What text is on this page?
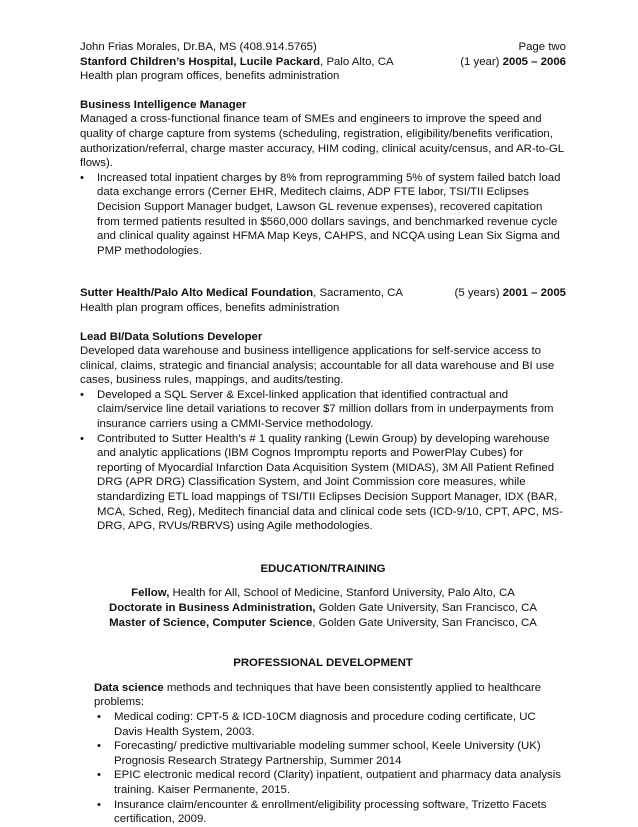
John Frias Morales, Dr.BA, MS (408.914.5765)	Page two
Stanford Children’s Hospital, Lucile Packard, Palo Alto, CA	(1 year) 2005 – 2006
Health plan program offices, benefits administration
Business Intelligence Manager
Managed a cross-functional finance team of SMEs and engineers to improve the speed and quality of charge capture from systems (scheduling, registration, eligibility/benefits verification, authorization/referral, charge master accuracy, HIM coding, clinical acuity/census, and AR-to-GL flows).
• Increased total inpatient charges by 8% from reprogramming 5% of system failed batch load data exchange errors (Cerner EHR, Meditech claims, ADP FTE labor, TSI/TII Eclipses Decision Support Manager budget, Lawson GL revenue expenses), recovered capitation from termed patients resulted in $560,000 dollars savings, and benchmarked revenue cycle and clinical quality against HFMA Map Keys, CAHPS, and NCQA using Lean Six Sigma and PMP methodologies.
Sutter Health/Palo Alto Medical Foundation, Sacramento, CA	(5 years) 2001 – 2005
Health plan program offices, benefits administration
Lead BI/Data Solutions Developer
Developed data warehouse and business intelligence applications for self-service access to clinical, claims, strategic and financial analysis; accountable for all data warehouse and BI use cases, business rules, mappings, and audits/testing.
• Developed a SQL Server & Excel-linked application that identified contractual and claim/service line detail variations to recover $7 million dollars from in underpayments from insurance carriers using a CMMI-Service methodology.
• Contributed to Sutter Health’s # 1 quality ranking (Lewin Group) by developing warehouse and analytic applications (IBM Cognos Impromptu reports and PowerPlay Cubes) for reporting of Myocardial Infarction Data Acquisition System (MIDAS), 3M All Patient Refined DRG (APR DRG) Classification System, and Joint Commission core measures, while standardizing ETL load mappings of TSI/TII Eclipses Decision Support Manager, IDX (BAR, MCA, Sched, Reg), Meditech financial data and clinical code sets (ICD-9/10, CPT, APC, MS-DRG, APG, RVUs/RBRVS) using Agile methodologies.
EDUCATION/TRAINING
Fellow, Health for All, School of Medicine, Stanford University, Palo Alto, CA
Doctorate in Business Administration, Golden Gate University, San Francisco, CA
Master of Science, Computer Science, Golden Gate University, San Francisco, CA
PROFESSIONAL DEVELOPMENT
Data science methods and techniques that have been consistently applied to healthcare problems:
• Medical coding: CPT-5 & ICD-10CM diagnosis and procedure coding certificate, UC Davis Health System, 2003.
• Forecasting/ predictive multivariable modeling summer school, Keele University (UK) Prognosis Research Strategy Partnership, Summer 2014
• EPIC electronic medical record (Clarity) inpatient, outpatient and pharmacy data analysis training. Kaiser Permanente, 2015.
• Insurance claim/encounter & enrollment/eligibility processing software, Trizetto Facets certification, 2009.
